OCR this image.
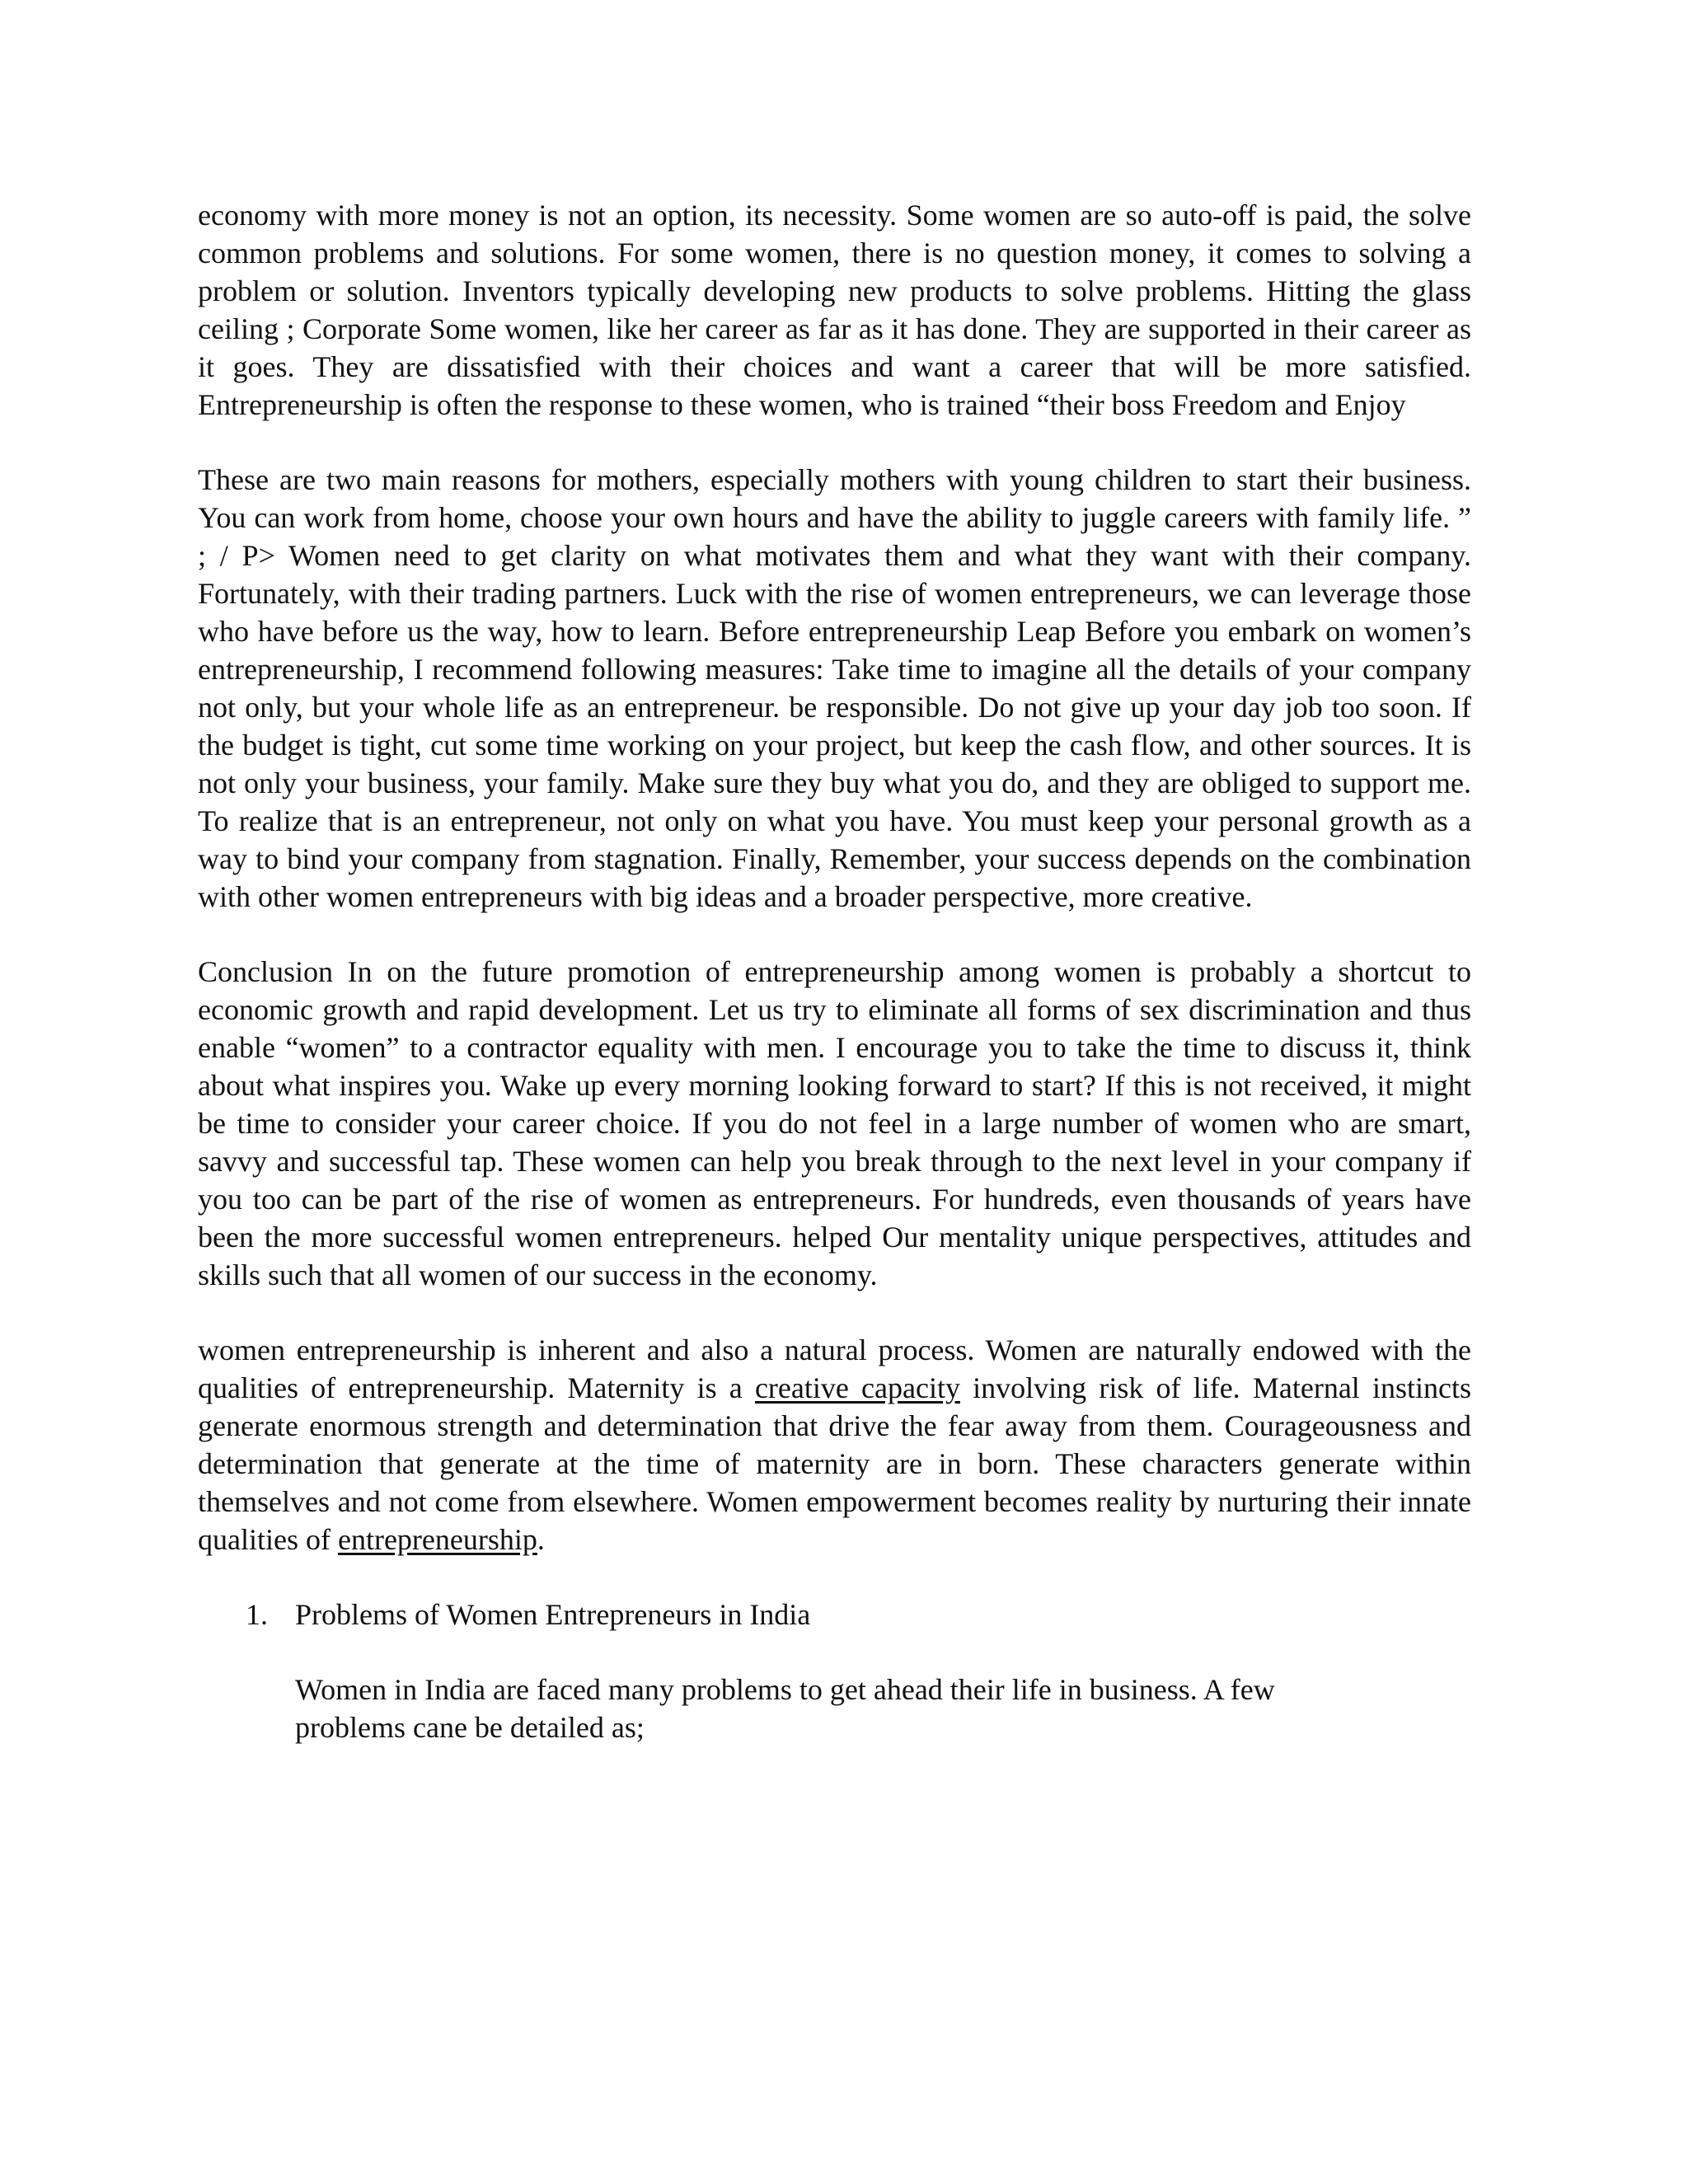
economy with more money is not an option, its necessity. Some women are so auto-off is paid, the solve common problems and solutions. For some women, there is no question money, it comes to solving a problem or solution. Inventors typically developing new products to solve problems. Hitting the glass ceiling ; Corporate Some women, like her career as far as it has done. They are supported in their career as it goes. They are dissatisfied with their choices and want a career that will be more satisfied. Entrepreneurship is often the response to these women, who is trained “their boss Freedom and Enjoy

These are two main reasons for mothers, especially mothers with young children to start their business. You can work from home, choose your own hours and have the ability to juggle careers with family life. ” ; / P> Women need to get clarity on what motivates them and what they want with their company. Fortunately, with their trading partners. Luck with the rise of women entrepreneurs, we can leverage those who have before us the way, how to learn. Before entrepreneurship Leap Before you embark on women’s entrepreneurship, I recommend following measures: Take time to imagine all the details of your company not only, but your whole life as an entrepreneur. be responsible. Do not give up your day job too soon. If the budget is tight, cut some time working on your project, but keep the cash flow, and other sources. It is not only your business, your family. Make sure they buy what you do, and they are obliged to support me. To realize that is an entrepreneur, not only on what you have. You must keep your personal growth as a way to bind your company from stagnation. Finally, Remember, your success depends on the combination with other women entrepreneurs with big ideas and a broader perspective, more creative.

Conclusion In on the future promotion of entrepreneurship among women is probably a shortcut to economic growth and rapid development. Let us try to eliminate all forms of sex discrimination and thus enable “women” to a contractor equality with men. I encourage you to take the time to discuss it, think about what inspires you. Wake up every morning looking forward to start? If this is not received, it might be time to consider your career choice. If you do not feel in a large number of women who are smart, savvy and successful tap. These women can help you break through to the next level in your company if you too can be part of the rise of women as entrepreneurs. For hundreds, even thousands of years have been the more successful women entrepreneurs. helped Our mentality unique perspectives, attitudes and skills such that all women of our success in the economy.

women entrepreneurship is inherent and also a natural process. Women are naturally endowed with the qualities of entrepreneurship. Maternity is a creative capacity involving risk of life. Maternal instincts generate enormous strength and determination that drive the fear away from them. Courageousness and determination that generate at the time of maternity are in born. These characters generate within themselves and not come from elsewhere. Women empowerment becomes reality by nurturing their innate qualities of entrepreneurship.

1. Problems of Women Entrepreneurs in India

Women in India are faced many problems to get ahead their life in business. A few problems cane be detailed as;
